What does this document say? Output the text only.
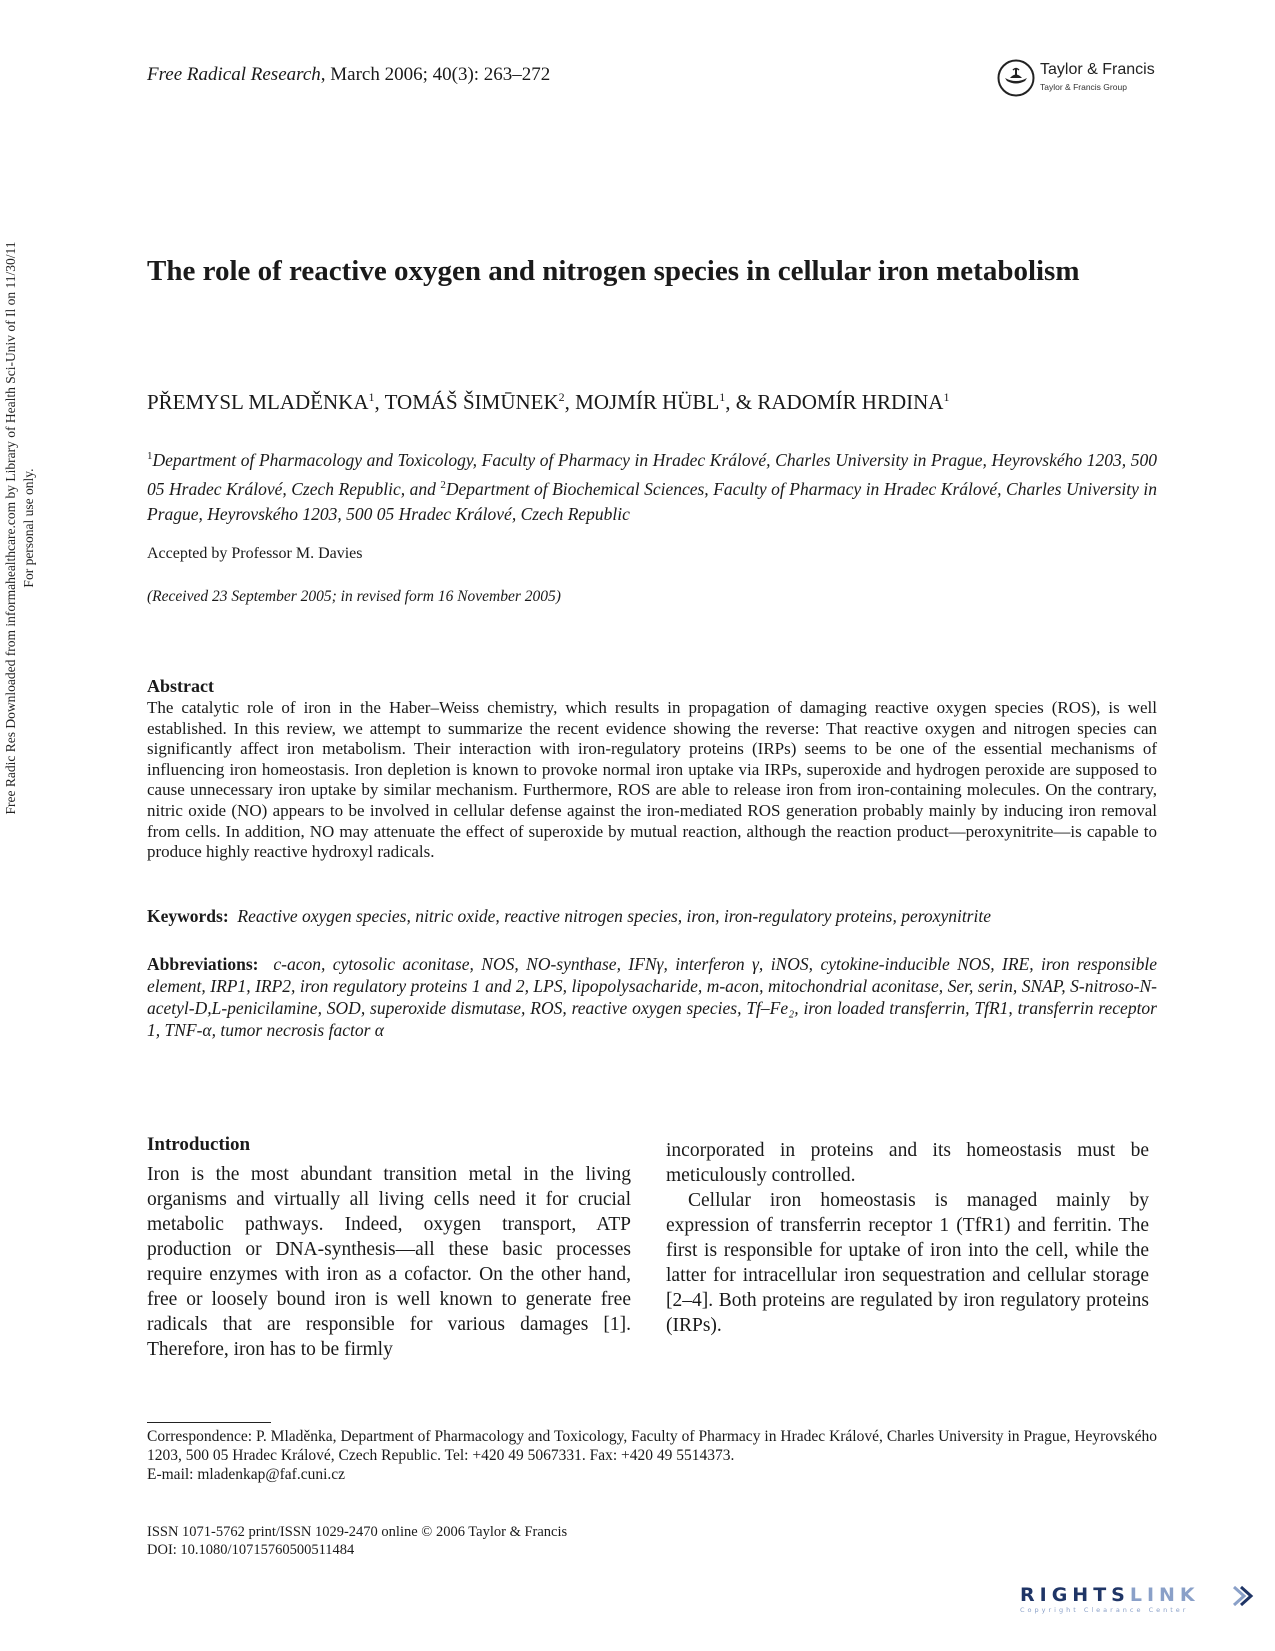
Free Radic Res Downloaded from informahealthcare.com by Library of Health Sci-Univ of Il on 11/30/11 For personal use only.
Free Radical Research, March 2006; 40(3): 263–272	Taylor & Francis
Taylor & Francis Group
The role of reactive oxygen and nitrogen species in cellular iron metabolism
PŘEMYSL MLADĚNKA$^1$, TOMÁŠ ŠIMŪNEK$^2$, MOJMÍR HÜBL$^1$, & RADOMÍR HRDINA$^1$
$^1$Department of Pharmacology and Toxicology, Faculty of Pharmacy in Hradec Králové, Charles University in Prague, Heyrovského 1203, 500 05 Hradec Králové, Czech Republic, and $^2$Department of Biochemical Sciences, Faculty of Pharmacy in Hradec Králové, Charles University in Prague, Heyrovského 1203, 500 05 Hradec Králové, Czech Republic
Accepted by Professor M. Davies
(Received 23 September 2005; in revised form 16 November 2005)
Abstract
The catalytic role of iron in the Haber–Weiss chemistry, which results in propagation of damaging reactive oxygen species (ROS), is well established. In this review, we attempt to summarize the recent evidence showing the reverse: That reactive oxygen and nitrogen species can significantly affect iron metabolism. Their interaction with iron-regulatory proteins (IRPs) seems to be one of the essential mechanisms of influencing iron homeostasis. Iron depletion is known to provoke normal iron uptake via IRPs, superoxide and hydrogen peroxide are supposed to cause unnecessary iron uptake by similar mechanism. Furthermore, ROS are able to release iron from iron-containing molecules. On the contrary, nitric oxide (NO) appears to be involved in cellular defense against the iron-mediated ROS generation probably mainly by inducing iron removal from cells. In addition, NO may attenuate the effect of superoxide by mutual reaction, although the reaction product—peroxynitrite—is capable to produce highly reactive hydroxyl radicals.
Keywords: Reactive oxygen species, nitric oxide, reactive nitrogen species, iron, iron-regulatory proteins, peroxynitrite
Abbreviations: c-acon, cytosolic aconitase, NOS, NO-synthase, IFNγ, interferon γ, iNOS, cytokine-inducible NOS, IRE, iron responsible element, IRP1, IRP2, iron regulatory proteins 1 and 2, LPS, lipopolysacharide, m-acon, mitochondrial aconitase, Ser, serin, SNAP, S-nitroso-N-acetyl-D,L-penicilamine, SOD, superoxide dismutase, ROS, reactive oxygen species, Tf–Fe₂, iron loaded transferrin, TfR1, transferrin receptor 1, TNF-α, tumor necrosis factor α
Introduction
Iron is the most abundant transition metal in the living organisms and virtually all living cells need it for crucial metabolic pathways. Indeed, oxygen transport, ATP production or DNA-synthesis—all these basic processes require enzymes with iron as a cofactor. On the other hand, free or loosely bound iron is well known to generate free radicals that are responsible for various damages [1]. Therefore, iron has to be firmly

incorporated in proteins and its homeostasis must be meticulously controlled.

Cellular iron homeostasis is managed mainly by expression of transferrin receptor 1 (TfR1) and ferritin. The first is responsible for uptake of iron into the cell, while the latter for intracellular iron sequestration and cellular storage [2–4]. Both proteins are regulated by iron regulatory proteins (IRPs).

Correspondence: P. Mladěnka, Department of Pharmacology and Toxicology, Faculty of Pharmacy in Hradec Králové, Charles University in Prague, Heyrovského 1203, 500 05 Hradec Králové, Czech Republic. Tel: +420 49 5067331. Fax: +420 49 5514373.
E-mail: mladenkap@faf.cuni.cz
ISSN 1071-5762 print/ISSN 1029-2470 online © 2006 Taylor & Francis
DOI: 10.1080/10715760500511484
RIGHTSLINK
Copyright Clearance Center
